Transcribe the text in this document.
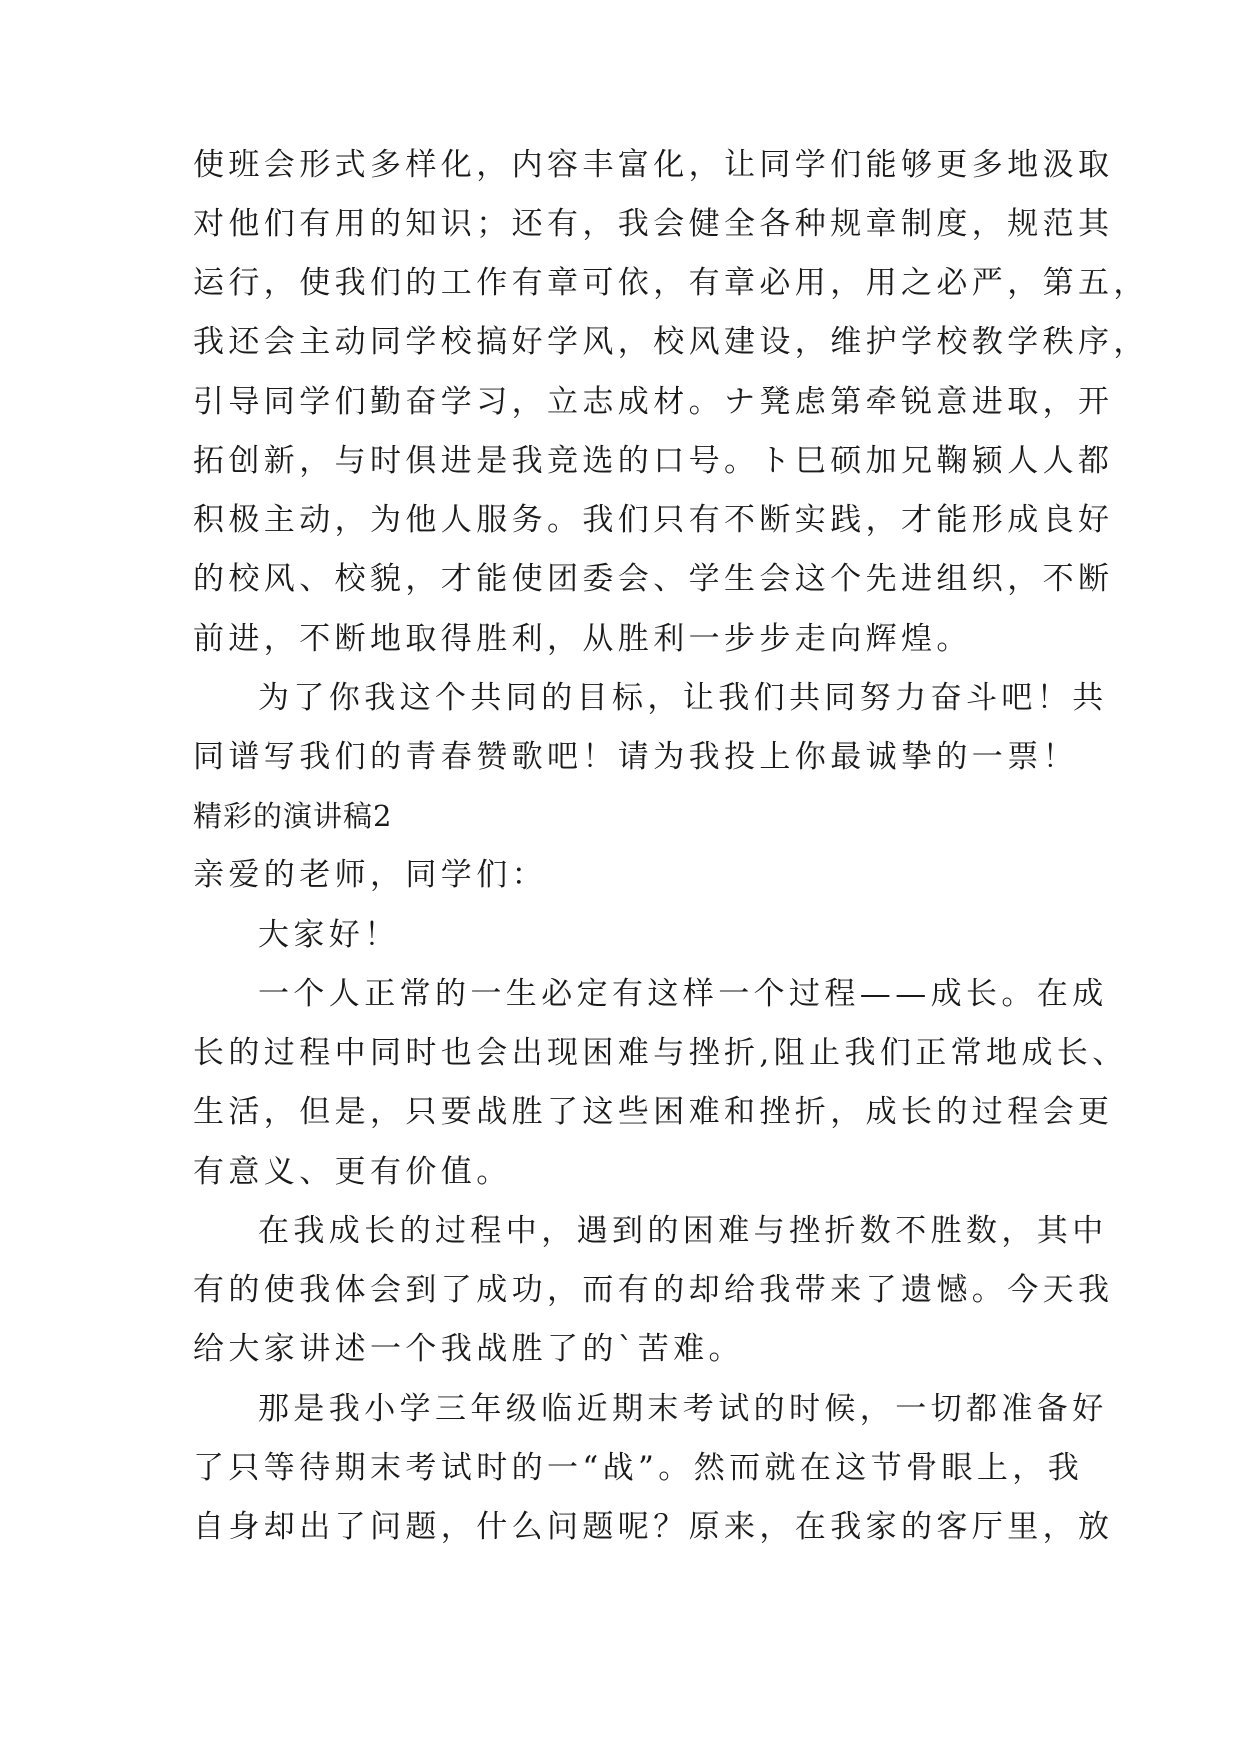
使班会形式多样化，内容丰富化，让同学们能够更多地汲取
对他们有用的知识；还有，我会健全各种规章制度，规范其
运行，使我们的工作有章可依，有章必用，用之必严，第五，
我还会主动同学校搞好学风，校风建设，维护学校教学秩序，
引导同学们勤奋学习，立志成材。ナ凳虑第牵锐意进取，开
拓创新，与时俱进是我竞选的口号。ト巳硕加兄鞠颍人人都
积极主动，为他人服务。我们只有不断实践，才能形成良好
的校风、校貌，才能使团委会、学生会这个先进组织，不断
前进，不断地取得胜利，从胜利一步步走向辉煌。
为了你我这个共同的目标，让我们共同努力奋斗吧！共
同谱写我们的青春赞歌吧！请为我投上你最诚挚的一票！
精彩的演讲稿2
亲爱的老师，同学们：
大家好！
一个人正常的一生必定有这样一个过程——成长。在成
长的过程中同时也会出现困难与挫折,阻止我们正常地成长、
生活，但是，只要战胜了这些困难和挫折，成长的过程会更
有意义、更有价值。
在我成长的过程中，遇到的困难与挫折数不胜数，其中
有的使我体会到了成功，而有的却给我带来了遗憾。今天我
给大家讲述一个我战胜了的`苦难。
那是我小学三年级临近期末考试的时候，一切都准备好
了只等待期末考试时的一“战”。然而就在这节骨眼上，我
自身却出了问题，什么问题呢？原来，在我家的客厅里，放
